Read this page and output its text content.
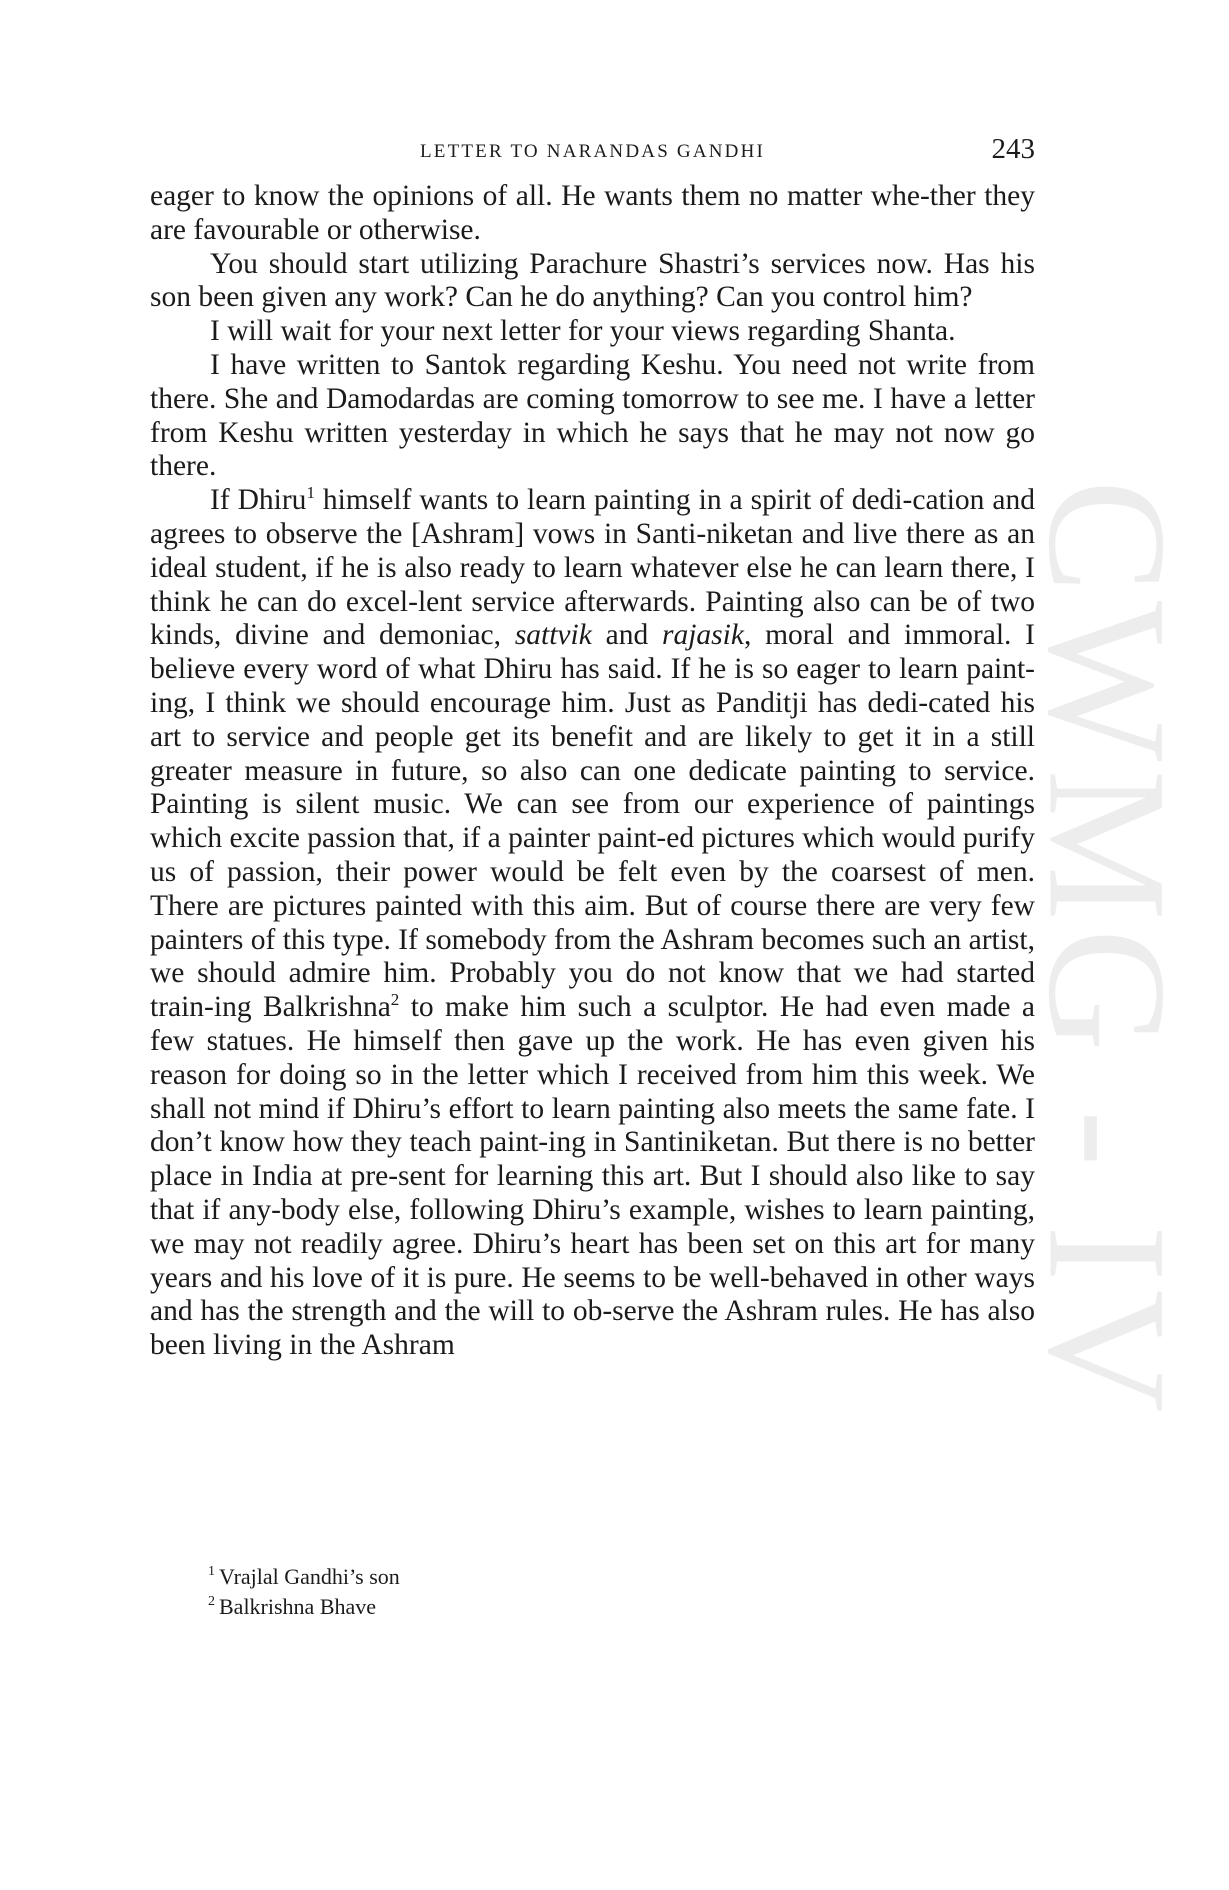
LETTER TO NARANDAS GANDHI	243
CWMG - IV

eager to know the opinions of all. He wants them no matter whe-ther they are favourable or otherwise.

You should start utilizing Parachure Shastri’s services now. Has his son been given any work? Can he do anything? Can you control him?

I will wait for your next letter for your views regarding Shanta.

I have written to Santok regarding Keshu. You need not write from there. She and Damodardas are coming tomorrow to see me. I have a letter from Keshu written yesterday in which he says that he may not now go there.

If Dhiru$^1$ himself wants to learn painting in a spirit of dedi-cation and agrees to observe the [Ashram] vows in Santi-niketan and live there as an ideal student, if he is also ready to learn whatever else he can learn there, I think he can do excel-lent service afterwards. Painting also can be of two kinds, divine and demoniac, sattvik and rajasik, moral and immoral. I believe every word of what Dhiru has said. If he is so eager to learn paint-ing, I think we should encourage him. Just as Panditji has dedi-cated his art to service and people get its benefit and are likely to get it in a still greater measure in future, so also can one dedicate painting to service. Painting is silent music. We can see from our experience of paintings which excite passion that, if a painter paint-ed pictures which would purify us of passion, their power would be felt even by the coarsest of men. There are pictures painted with this aim. But of course there are very few painters of this type. If somebody from the Ashram becomes such an artist, we should admire him. Probably you do not know that we had started train-ing Balkrishna$^2$ to make him such a sculptor. He had even made a few statues. He himself then gave up the work. He has even given his reason for doing so in the letter which I received from him this week. We shall not mind if Dhiru’s effort to learn painting also meets the same fate. I don’t know how they teach paint-ing in Santiniketan. But there is no better place in India at pre-sent for learning this art. But I should also like to say that if any-body else, following Dhiru’s example, wishes to learn painting, we may not readily agree. Dhiru’s heart has been set on this art for many years and his love of it is pure. He seems to be well-behaved in other ways and has the strength and the will to ob-serve the Ashram rules. He has also been living in the Ashram

$^1$ Vrajlal Gandhi’s son

$^2$ Balkrishna Bhave
